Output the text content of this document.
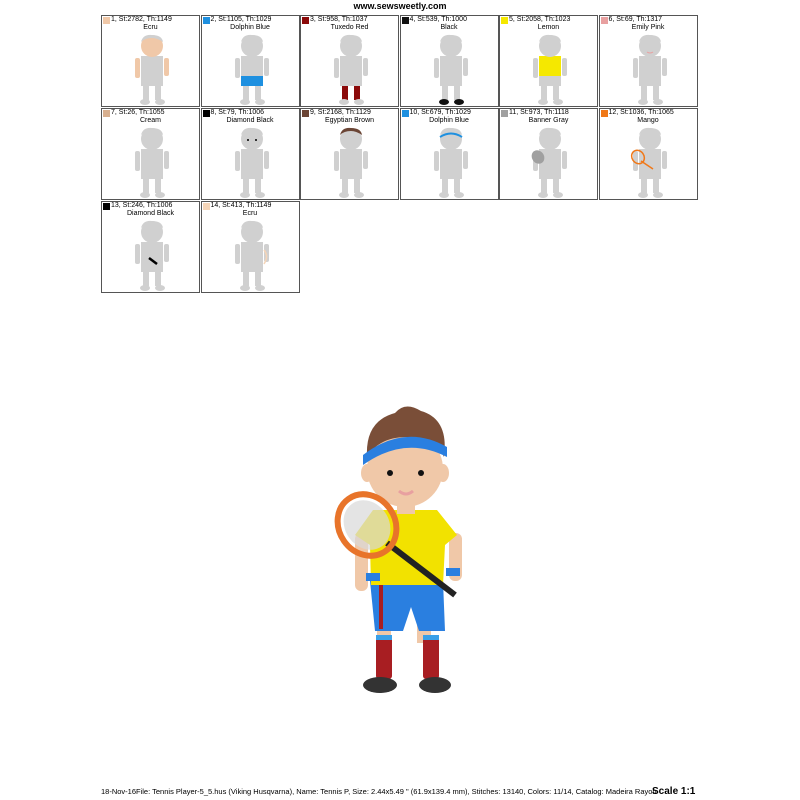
www.sewsweetly.com
1, St:2782, Th:1149
Ecru
2, St:1105, Th:1029
Dolphin Blue
3, St:958, Th:1037
Tuxedo Red
4, St:539, Th:1000
Black
5, St:2058, Th:1023
Lemon
6, St:69, Th:1317
Emily Pink
7, St:26, Th:1055
Cream
8, St:79, Th:1006
Diamond Black
9, St:2168, Th:1129
Egyptian Brown
10, St:679, Th:1029
Dolphin Blue
11, St:973, Th:1118
Banner Gray
12, St:1036, Th:1065
Mango
13, St:246, Th:1006
Diamond Black
14, St:413, Th:1149
Ecru
18-Nov-16File: Tennis Player-5_5.hus (Viking Husqvarna), Name: Tennis P, Size: 2.44x5.49 " (61.9x139.4 mm), Stitches: 13140, Colors: 11/14, Catalog: Madeira Rayon
Scale 1:1
